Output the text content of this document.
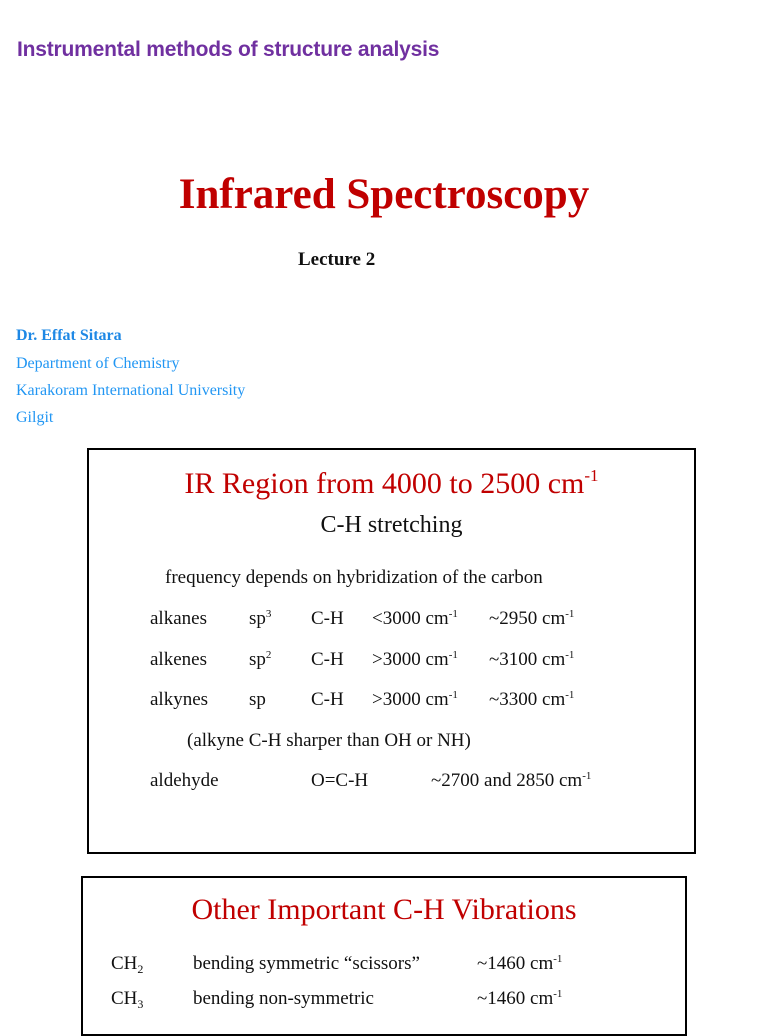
Instrumental methods of structure analysis
Infrared Spectroscopy
Lecture 2
Dr. Effat Sitara
Department of Chemistry
Karakoram International University
Gilgit
IR Region from 4000 to 2500 $cm^{-1}$
C-H stretching
frequency depends on hybridization of the carbon
alkanes $sp^3$ C-H <3000 $cm^{-1}$ ~2950 $cm^{-1}$
alkenes $sp^2$ C-H >3000 $cm^{-1}$ ~3100 $cm^{-1}$
alkynes sp C-H >3000 $cm^{-1}$ ~3300 $cm^{-1}$
(alkyne C-H sharper than OH or NH)
aldehyde	O=C-H	~2700 and 2850 $cm^{-1}$
Other Important C-H Vibrations
$CH_2$	bending symmetric “scissors”	~1460 $cm^{-1}$
$CH_3$	bending non-symmetric	~1460 $cm^{-1}$
